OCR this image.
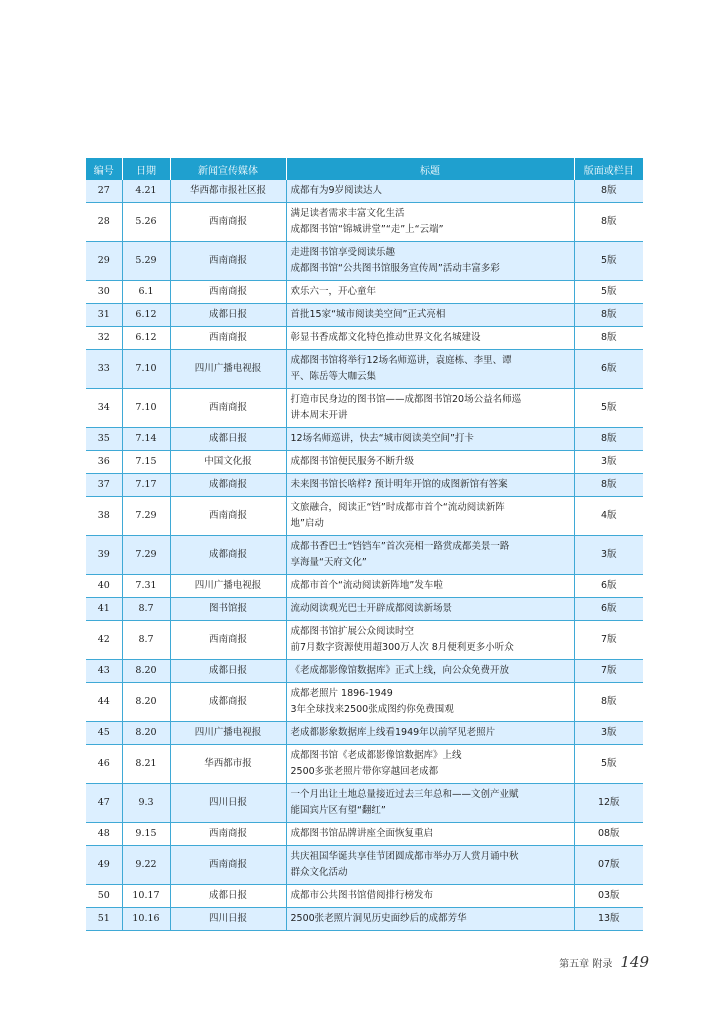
编号	日期	新闻宣传媒体	标题	版面或栏目
27	4.21	华西都市报社区报	成都有为9岁阅读达人	8版
28	5.26	西南商报	满足读者需求丰富文化生活
成都图书馆“锦城讲堂”“走”上“云端”	8版
29	5.29	西南商报	走进图书馆享受阅读乐趣
成都图书馆“公共图书馆服务宣传周”活动丰富多彩	5版
30	6.1	西南商报	欢乐六一，开心童年	5版
31	6.12	成都日报	首批15家“城市阅读美空间”正式亮相	8版
32	6.12	西南商报	彰显书香成都文化特色推动世界文化名城建设	8版
33	7.10	四川广播电视报	成都图书馆将举行12场名师巡讲，袁庭栋、李里、谭
平、陈岳等大咖云集	6版
34	7.10	西南商报	打造市民身边的图书馆——成都图书馆20场公益名师巡
讲本周末开讲	5版
35	7.14	成都日报	12场名师巡讲，快去“城市阅读美空间”打卡	8版
36	7.15	中国文化报	成都图书馆便民服务不断升级	3版
37	7.17	成都商报	未来图书馆长啥样? 预计明年开馆的成图新馆有答案	8版
38	7.29	西南商报	文旅融合，阅读正“铛”时成都市首个“流动阅读新阵
地”启动	4版
39	7.29	成都商报	成都书香巴士“铛铛车”首次亮相一路赏成都美景一路
享海量“天府文化”	3版
40	7.31	四川广播电视报	成都市首个“流动阅读新阵地”发车啦	6版
41	8.7	图书馆报	流动阅读观光巴士开辟成都阅读新场景	6版
42	8.7	西南商报	成都图书馆扩展公众阅读时空
前7月数字资源使用超300万人次 8月便利更多小听众	7版
43	8.20	成都日报	《老成都影像馆数据库》正式上线，向公众免费开放	7版
44	8.20	成都商报	成都老照片 1896-1949
3年全球找来2500张成图约你免费围观	8版
45	8.20	四川广播电视报	老成都影象数据库上线看1949年以前罕见老照片	3版
46	8.21	华西都市报	成都图书馆《老成都影像馆数据库》上线
2500多张老照片带你穿越回老成都	5版
47	9.3	四川日报	一个月出让土地总量接近过去三年总和——文创产业赋
能国宾片区有望“翻红”	12版
48	9.15	西南商报	成都图书馆品牌讲座全面恢复重启	08版
49	9.22	西南商报	共庆祖国华诞共享佳节团圆成都市举办万人赏月诵中秋
群众文化活动	07版
50	10.17	成都日报	成都市公共图书馆借阅排行榜发布	03版
51	10.16	四川日报	2500张老照片洞见历史面纱后的成都芳华	13版
第五章 附录 149
